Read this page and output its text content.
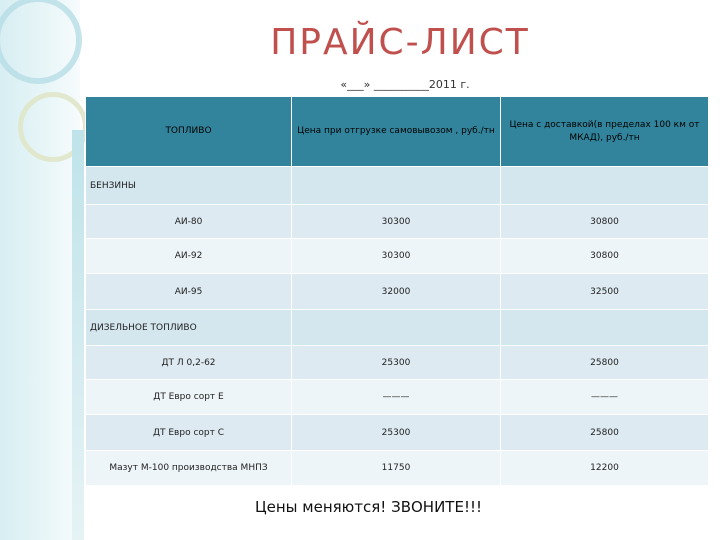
ПРАЙС-ЛИСТ
«___» __________2011 г.
ТОПЛИВО	Цена при отгрузке самовывозом , руб./тн	Цена с доставкой(в пределах 100 км от МКАД), руб./тн
БЕНЗИНЫ		
АИ-80	30300	30800
АИ-92	30300	30800
АИ-95	32000	32500
ДИЗЕЛЬНОЕ ТОПЛИВО		
ДТ Л 0,2-62	25300	25800
ДТ Евро сорт Е	———	———
ДТ Евро сорт С	25300	25800
Мазут М-100 производства МНПЗ	11750	12200
Цены меняются! ЗВОНИТЕ!!!
